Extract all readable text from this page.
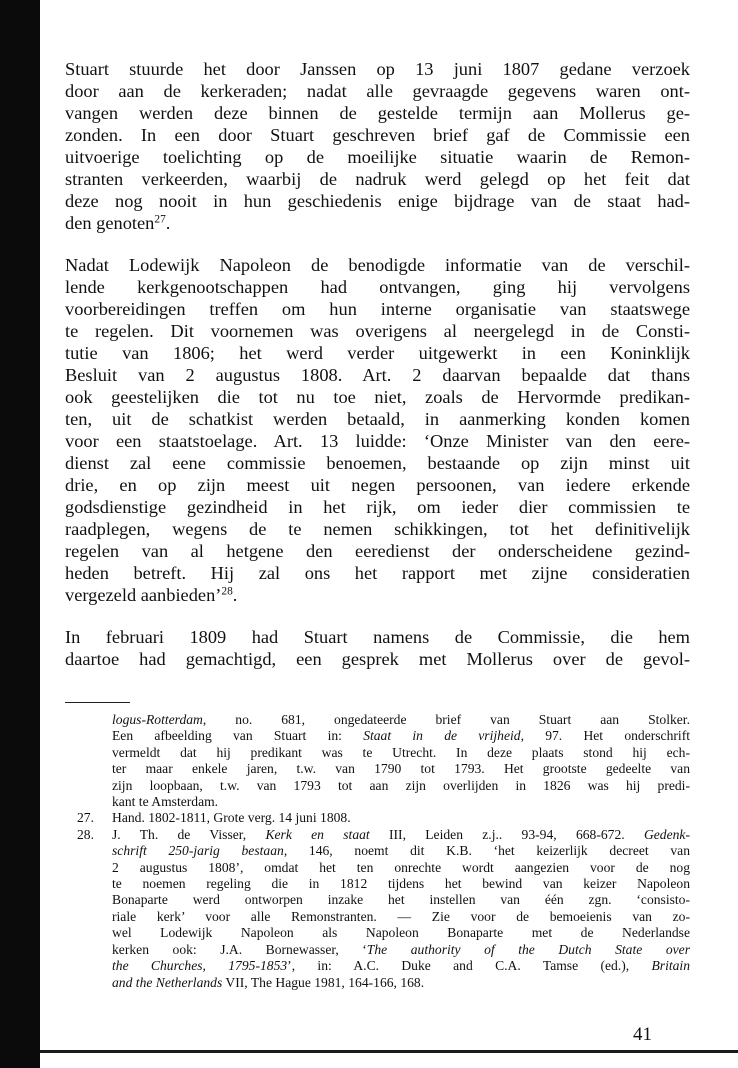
Stuart stuurde het door Janssen op 13 juni 1807 gedane verzoek
door aan de kerkeraden; nadat alle gevraagde gegevens waren ont-
vangen werden deze binnen de gestelde termijn aan Mollerus ge-
zonden. In een door Stuart geschreven brief gaf de Commissie een
uitvoerige toelichting op de moeilijke situatie waarin de Remon-
stranten verkeerden, waarbij de nadruk werd gelegd op het feit dat
deze nog nooit in hun geschiedenis enige bijdrage van de staat had-
den genoten$^{27}$.

Nadat Lodewijk Napoleon de benodigde informatie van de verschil-
lende kerkgenootschappen had ontvangen, ging hij vervolgens
voorbereidingen treffen om hun interne organisatie van staatswege
te regelen. Dit voornemen was overigens al neergelegd in de Consti-
tutie van 1806; het werd verder uitgewerkt in een Koninklijk
Besluit van 2 augustus 1808. Art. 2 daarvan bepaalde dat thans
ook geestelijken die tot nu toe niet, zoals de Hervormde predikan-
ten, uit de schatkist werden betaald, in aanmerking konden komen
voor een staatstoelage. Art. 13 luidde: ‘Onze Minister van den eere-
dienst zal eene commissie benoemen, bestaande op zijn minst uit
drie, en op zijn meest uit negen persoonen, van iedere erkende
godsdienstige gezindheid in het rijk, om ieder dier commissien te
raadplegen, wegens de te nemen schikkingen, tot het definitivelijk
regelen van al hetgene den eeredienst der onderscheidene gezind-
heden betreft. Hij zal ons het rapport met zijne consideratien
vergezeld aanbieden’$^{28}$.

In februari 1809 had Stuart namens de Commissie, die hem
daartoe had gemachtigd, een gesprek met Mollerus over de gevol-

logus-Rotterdam, no. 681, ongedateerde brief van Stuart aan Stolker.
Een afbeelding van Stuart in: Staat in de vrijheid, 97. Het onderschrift
vermeldt dat hij predikant was te Utrecht. In deze plaats stond hij ech-
ter maar enkele jaren, t.w. van 1790 tot 1793. Het grootste gedeelte van
zijn loopbaan, t.w. van 1793 tot aan zijn overlijden in 1826 was hij predi-
kant te Amsterdam.
27.	Hand. 1802-1811, Grote verg. 14 juni 1808.
28.	J. Th. de Visser, Kerk en staat III, Leiden z.j.. 93-94, 668-672. Gedenk-
schrift 250-jarig bestaan, 146, noemt dit K.B. ‘het keizerlijk decreet van
2 augustus 1808’, omdat het ten onrechte wordt aangezien voor de nog
te noemen regeling die in 1812 tijdens het bewind van keizer Napoleon
Bonaparte werd ontworpen inzake het instellen van één zgn. ‘consisto-
riale kerk’ voor alle Remonstranten. — Zie voor de bemoeienis van zo-
wel Lodewijk Napoleon als Napoleon Bonaparte met de Nederlandse
kerken ook: J.A. Bornewasser, ‘The authority of the Dutch State over
the Churches, 1795-1853’, in: A.C. Duke and C.A. Tamse (ed.), Britain
and the Netherlands VII, The Hague 1981, 164-166, 168.
41
